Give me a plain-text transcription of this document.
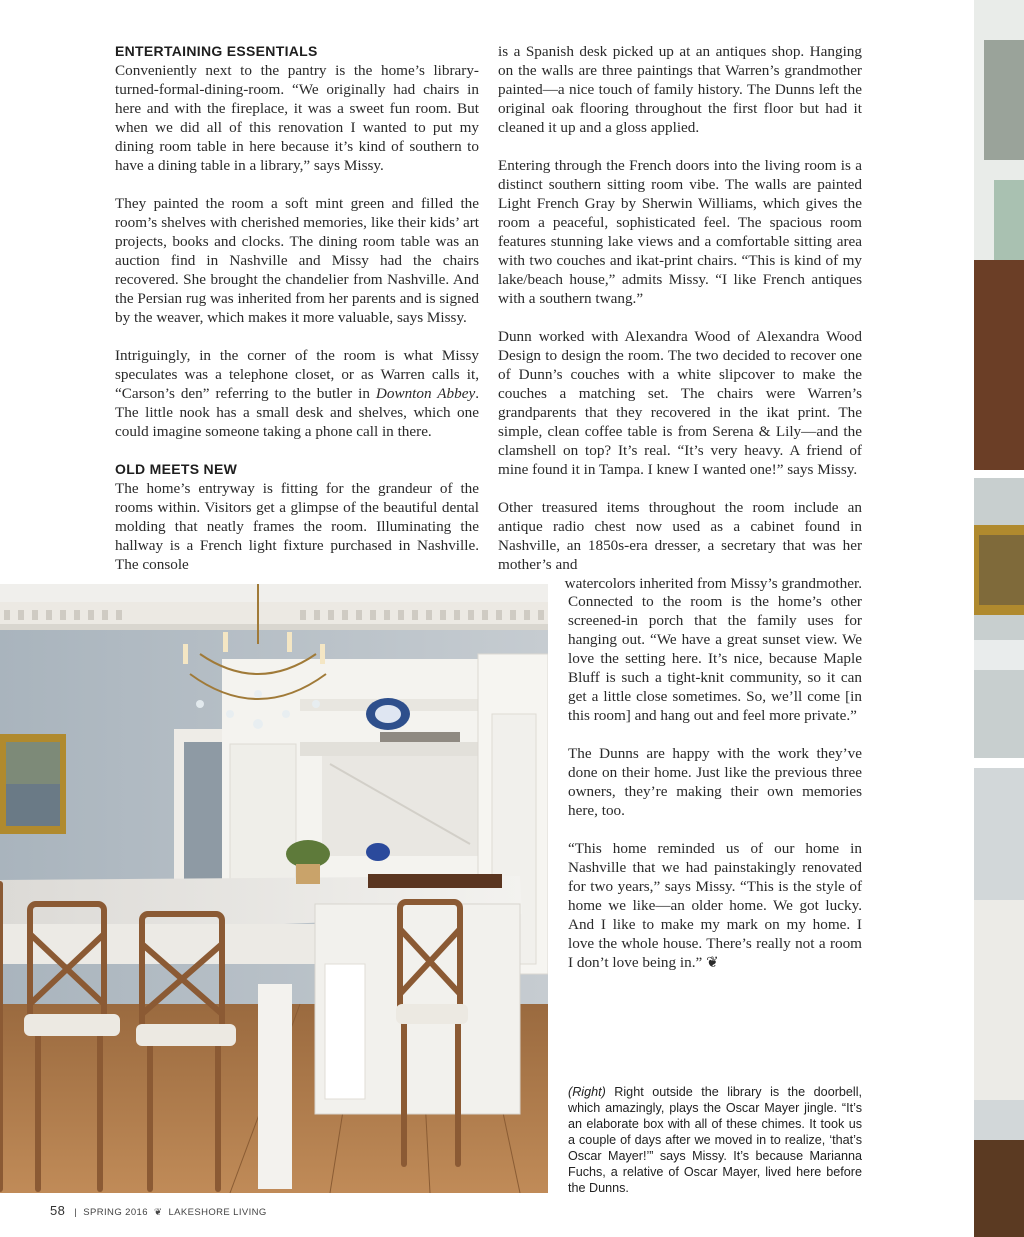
ENTERTAINING ESSENTIALS

Conveniently next to the pantry is the home’s library-turned-formal-dining-room. “We originally had chairs in here and with the fireplace, it was a sweet fun room. But when we did all of this renovation I wanted to put my dining room table in here because it’s kind of southern to have a dining table in a library,” says Missy.

They painted the room a soft mint green and filled the room’s shelves with cherished memories, like their kids’ art projects, books and clocks. The dining room table was an auction find in Nashville and Missy had the chairs recovered. She brought the chandelier from Nashville. And the Persian rug was inherited from her parents and is signed by the weaver, which makes it more valuable, says Missy.

Intriguingly, in the corner of the room is what Missy speculates was a telephone closet, or as Warren calls it, “Carson’s den” referring to the butler in Downton Abbey. The little nook has a small desk and shelves, which one could imagine someone taking a phone call in there.

OLD MEETS NEW

The home’s entryway is fitting for the grandeur of the rooms within. Visitors get a glimpse of the beautiful dental molding that neatly frames the room. Illuminating the hallway is a French light fixture purchased in Nashville. The console

is a Spanish desk picked up at an antiques shop. Hanging on the walls are three paintings that Warren’s grandmother painted—a nice touch of family history. The Dunns left the original oak flooring throughout the first floor but had it cleaned it up and a gloss applied.

Entering through the French doors into the living room is a distinct southern sitting room vibe. The walls are painted Light French Gray by Sherwin Williams, which gives the room a peaceful, sophisticated feel. The spacious room features stunning lake views and a comfortable sitting area with two couches and ikat-print chairs. “This is kind of my lake/beach house,” admits Missy. “I like French antiques with a southern twang.”

Dunn worked with Alexandra Wood of Alexandra Wood Design to design the room. The two decided to recover one of Dunn’s couches with a white slipcover to make the couches a matching set. The chairs were Warren’s grandparents that they recovered in the ikat print. The simple, clean coffee table is from Serena & Lily—and the clamshell on top? It’s real. “It’s very heavy. A friend of mine found it in Tampa. I knew I wanted one!” says Missy.

Other treasured items throughout the room include an antique radio chest now used as a cabinet found in Nashville, an 1850s-era dresser, a secretary that was her mother’s and

watercolors inherited from Missy’s grandmother.

Connected to the room is the home’s other screened-in porch that the family uses for hanging out. “We have a great sunset view. We love the setting here. It’s nice, because Maple Bluff is such a tight-knit community, so it can get a little close sometimes. So, we’ll come [in this room] and hang out and feel more private.”

The Dunns are happy with the work they’ve done on their home. Just like the previous three owners, they’re making their own memories here, too.

“This home reminded us of our home in Nashville that we had painstakingly renovated for two years,” says Missy. “This is the style of home we like—an older home. We got lucky. And I like to make my mark on my home. I love the whole house. There’s really not a room I don’t love being in.” ❦

(Right) Right outside the library is the doorbell, which amazingly, plays the Oscar Mayer jingle. “It’s an elaborate box with all of these chimes. It took us a couple of days after we moved in to realize, ‘that’s Oscar Mayer!’” says Missy. It’s because Marianna Fuchs, a relative of Oscar Mayer, lived here before the Dunns.
58 | SPRING 2016 ❦ LAKESHORE LIVING
